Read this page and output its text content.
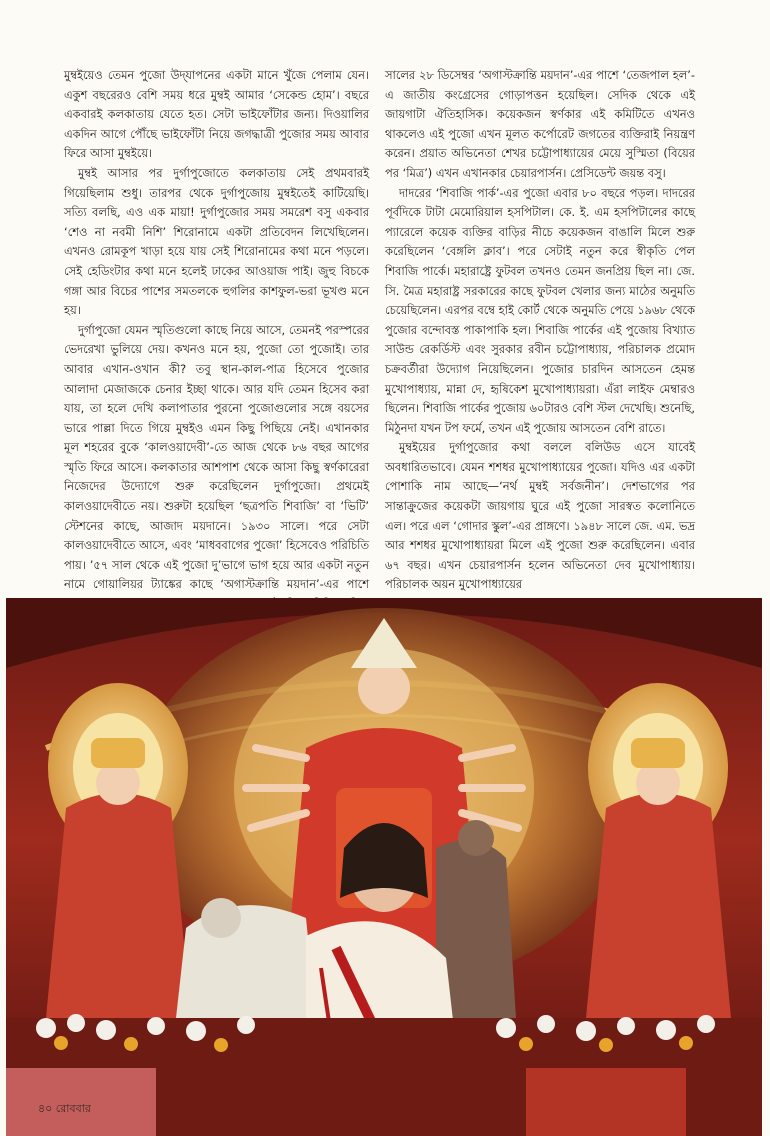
মুম্বইয়েও তেমন পুজো উদ্‌যাপনের একটা মানে খুঁজে পেলাম যেন। একুশ বছরেরও বেশি সময় ধরে মুম্বই আমার ‘সেকেন্ড হোম’। বছরে একবারই কলকাতায় যেতে হত। সেটা ভাইফোঁটার জন্য। দিওয়ালির একদিন আগে পৌঁছে ভাইফোঁটা নিয়ে জগদ্ধাত্রী পুজোর সময় আবার ফিরে আসা মুম্বইয়ে।

মুম্বই আসার পর দুর্গাপুজোতে কলকাতায় সেই প্রথমবারই গিয়েছিলাম শুধু। তারপর থেকে দুর্গাপুজোয় মুম্বইতেই কাটিয়েছি। সত্যি বলছি, এও এক মায়া! দুর্গাপুজোর সময় সমরেশ বসু একবার ‘শেও না নবমী নিশি’ শিরোনামে একটা প্রতিবেদন লিখেছিলেন। এখনও রোমকূপ খাড়া হয়ে যায় সেই শিরোনামের কথা মনে পড়লে। সেই হেডিংটার কথা মনে হলেই ঢাকের আওয়াজ পাই। জুহু বিচকে গঙ্গা আর বিচের পাশের সমতলকে হুগলির কাশফুল-ভরা ভূখণ্ড মনে হয়।

দুর্গাপুজো যেমন স্মৃতিগুলো কাছে নিয়ে আসে, তেমনই পরস্পরের ভেদরেখা ভুলিয়ে দেয়। কখনও মনে হয়, পুজো তো পুজোই। তার আবার এখান-ওখান কী? তবু স্থান-কাল-পাত্র হিসেবে পুজোর আলাদা মেজাজকে চেনার ইচ্ছা থাকে। আর যদি তেমন হিসেব করা যায়, তা হলে দেখি কলাপাতার পুরনো পুজোগুলোর সঙ্গে বয়সের ভারে পাল্লা দিতে গিয়ে মুম্বইও এমন কিছু পিছিয়ে নেই। এখানকার মূল শহরের বুকে ‘কালওয়াদেবী’-তে আজ থেকে ৮৬ বছর আগের স্মৃতি ফিরে আসে। কলকাতার আশপাশ থেকে আসা কিছু স্বর্ণকারেরা নিজেদের উদ্যোগে শুরু করেছিলেন দুর্গাপুজো। প্রথমেই কালওয়াদেবীতে নয়। শুরুটা হয়েছিল ‘ছত্রপতি শিবাজি’ বা ‘ভিটি’ স্টেশনের কাছে, আজাদ ময়দানে। ১৯৩০ সালে। পরে সেটা কালওয়াদেবীতে আসে, এবং ‘মাধববাগের পুজো’ হিসেবেও পরিচিতি পায়। ’৫৭ সাল থেকে এই পুজো দু’ভাগে ভাগ হয়ে আর একটা নতুন নামে গোয়ালিয়র ট্যাঙ্কের কাছে ‘অগাস্টক্রান্তি ময়দান’-এর পাশে

সালের ২৮ ডিসেম্বর ‘অগাস্টক্রান্তি ময়দান’-এর পাশে ‘তেজপাল হল’-এ জাতীয় কংগ্রেসের গোড়াপত্তন হয়েছিল। সেদিক থেকে এই জায়গাটা ঐতিহাসিক। কয়েকজন স্বর্ণকার এই কমিটিতে এখনও থাকলেও এই পুজো এখন মূলত কর্পোরেট জগতের ব্যক্তিরাই নিয়ন্ত্রণ করেন। প্রয়াত অভিনেতা শেখর চট্টোপাধ্যায়ের মেয়ে সুস্মিতা (বিয়ের পর ‘মিত্র’) এখন এখানকার চেয়ারপার্সন। প্রেসিডেন্ট জয়ন্ত বসু।

দাদরের ‘শিবাজি পার্ক’-এর পুজো এবার ৮০ বছরে পড়ল। দাদরের পূর্বদিকে টাটা মেমোরিয়াল হসপিটাল। কে. ই. এম হসপিটালের কাছে প্যারেলে কয়েক ব্যক্তির বাড়ির নীচে কয়েকজন বাঙালি মিলে শুরু করেছিলেন ‘বেঙ্গলি ক্লাব’। পরে সেটাই নতুন করে স্বীকৃতি পেল শিবাজি পার্কে। মহারাষ্ট্রে ফুটবল তখনও তেমন জনপ্রিয় ছিল না। জে. সি. মৈত্র মহারাষ্ট্র সরকারের কাছে ফুটবল খেলার জন্য মাঠের অনুমতি চেয়েছিলেন। এরপর বম্বে হাই কোর্ট থেকে অনুমতি পেয়ে ১৯৬৮ থেকে পুজোর বন্দোবস্ত পাকাপাকি হল। শিবাজি পার্কের এই পুজোয় বিখ্যাত সাউন্ড রেকর্ডিস্ট এবং সুরকার রবীন চট্টোপাধ্যায়, পরিচালক প্রমোদ চক্রবর্তীরা উদ্যোগ নিয়েছিলেন। পুজোর চারদিন আসতেন হেমন্ত মুখোপাধ্যায়, মান্না দে, হৃষিকেশ মুখোপাধ্যায়রা। এঁরা লাইফ মেম্বারও ছিলেন। শিবাজি পার্কের পুজোয় ৬০টারও বেশি স্টল দেখেছি। শুনেছি, মিঠুনদা যখন টপ ফর্মে, তখন এই পুজোয় আসতেন বেশি রাতে।

মুম্বইয়ের দুর্গাপুজোর কথা বললে বলিউড এসে যাবেই অবধারিতভাবে। যেমন শশধর মুখোপাধ্যায়ের পুজো। যদিও এর একটা পোশাকি নাম আছে—‘নর্থ মুম্বই সর্বজনীন’। দেশভাগের পর সান্তাক্রুজের কয়েকটা জায়গায় ঘুরে এই পুজো সারস্বত কলোনিতে এল। পরে এল ‘গোদার স্কুল’-এর প্রাঙ্গণে। ১৯৪৮ সালে জে. এম. ভদ্র আর শশধর মুখোপাধ্যায়রা মিলে এই পুজো শুরু করেছিলেন। এবার ৬৭ বছর। এখন চেয়ারপার্সন হলেন অভিনেতা দেব মুখোপাধ্যায়। পরিচালক অয়ন মুখোপাধ্যায়ের

৪০ রোববার
